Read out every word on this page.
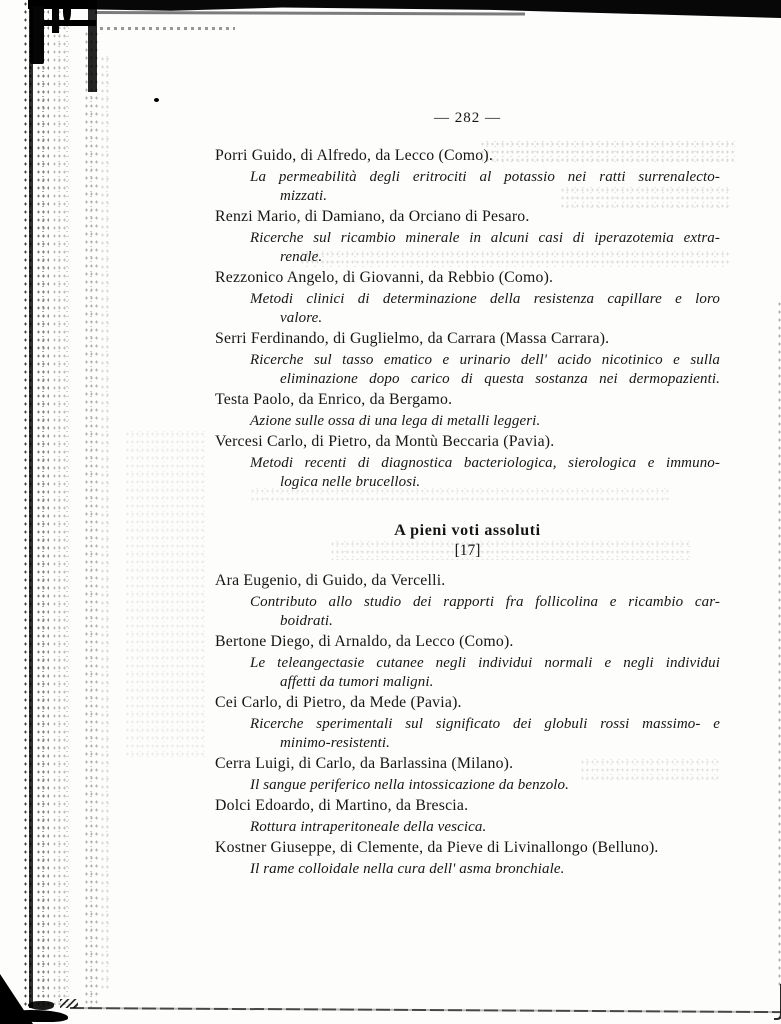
— 282 —
Porri Guido, di Alfredo, da Lecco (Como).
La permeabilità degli eritrociti al potassio nei ratti surrenalecto-
mizzati.
Renzi Mario, di Damiano, da Orciano di Pesaro.
Ricerche sul ricambio minerale in alcuni casi di iperazotemia extra-
renale.
Rezzonico Angelo, di Giovanni, da Rebbio (Como).
Metodi clinici di determinazione della resistenza capillare e loro
valore.
Serri Ferdinando, di Guglielmo, da Carrara (Massa Carrara).
Ricerche sul tasso ematico e urinario dell' acido nicotinico e sulla
eliminazione dopo carico di questa sostanza nei dermopazienti.
Testa Paolo, da Enrico, da Bergamo.
Azione sulle ossa di una lega di metalli leggeri.
Vercesi Carlo, di Pietro, da Montù Beccaria (Pavia).
Metodi recenti di diagnostica bacteriologica, sierologica e immuno-
logica nelle brucellosi.
A pieni voti assoluti
[17]
Ara Eugenio, di Guido, da Vercelli.
Contributo allo studio dei rapporti fra follicolina e ricambio car-
boidrati.
Bertone Diego, di Arnaldo, da Lecco (Como).
Le teleangectasie cutanee negli individui normali e negli individui
affetti da tumori maligni.
Cei Carlo, di Pietro, da Mede (Pavia).
Ricerche sperimentali sul significato dei globuli rossi massimo- e
minimo-resistenti.
Cerra Luigi, di Carlo, da Barlassina (Milano).
Il sangue periferico nella intossicazione da benzolo.
Dolci Edoardo, di Martino, da Brescia.
Rottura intraperitoneale della vescica.
Kostner Giuseppe, di Clemente, da Pieve di Livinallongo (Belluno).
Il rame colloidale nella cura dell' asma bronchiale.
